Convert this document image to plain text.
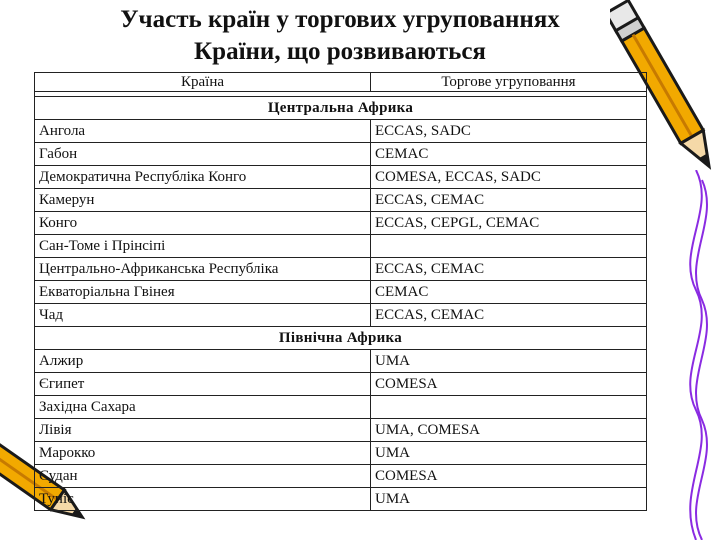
Участь країн у торгових угрупованнях
Країни, що розвиваються
Країна	Торгове угруповання

Центральна Африка	
Ангола	ECCAS, SADC
Габон	CEMAC
Демократична Республіка Конго	COMESA, ECCAS, SADC
Камерун	ECCAS, CEMAC
Конго	ECCAS, CEPGL, CEMAC
Сан-Томе і Прінсіпі	
Центрально-Африканська Республіка	ECCAS, CEMAC
Екваторіальна Гвінея	CEMAC
Чад	ECCAS, CEMAC
Північна Африка	
Алжир	UMA
Єгипет	COMESA
Західна Сахара	
Лівія	UMA, COMESA
Марокко	UMA
Судан	COMESA
Туніс	UMA
